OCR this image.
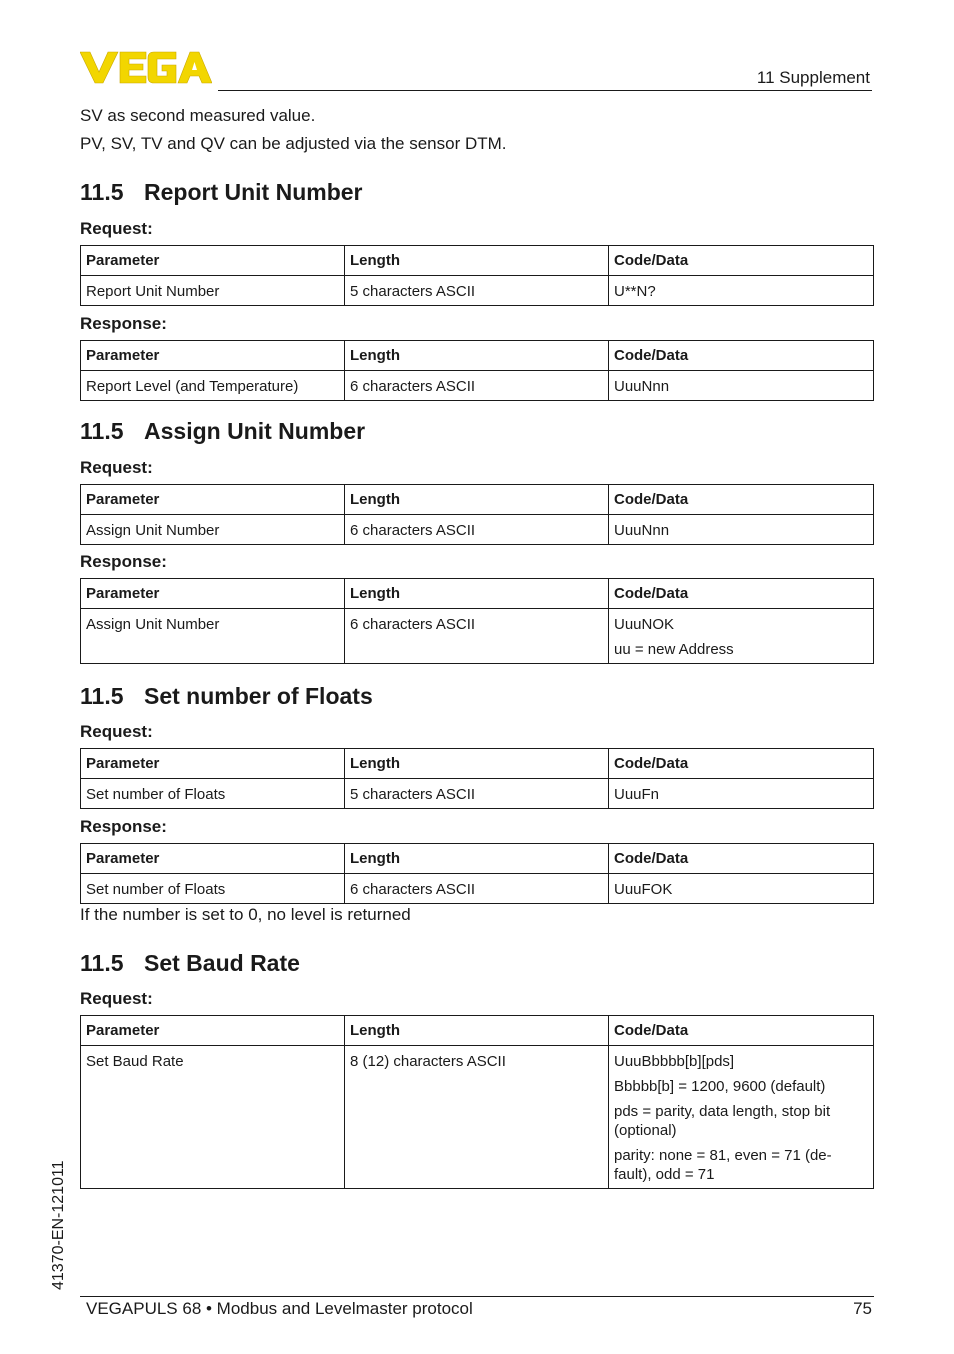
11 Supplement
SV as second measured value.
PV, SV, TV and QV can be adjusted via the sensor DTM.
11.5 Report Unit Number
Request:
Parameter	Length	Code/Data
Report Unit Number	5 characters ASCII	U**N?
Response:
Parameter	Length	Code/Data
Report Level (and Temperature)	6 characters ASCII	UuuNnn
11.5 Assign Unit Number
Request:
Parameter	Length	Code/Data
Assign Unit Number	6 characters ASCII	UuuNnn
Response:
Parameter	Length	Code/Data
Assign Unit Number	6 characters ASCII	UuuNOK
uu = new Address
11.5 Set number of Floats
Request:
Parameter	Length	Code/Data
Set number of Floats	5 characters ASCII	UuuFn
Response:
Parameter	Length	Code/Data
Set number of Floats	6 characters ASCII	UuuFOK
If the number is set to 0, no level is returned
11.5 Set Baud Rate
Request:
Parameter	Length	Code/Data
Set Baud Rate	8 (12) characters ASCII	UuuBbbbb[b][pds]
Bbbbb[b] = 1200, 9600 (default)
pds = parity, data length, stop bit (optional)
parity: none = 81, even = 71 (de-fault), odd = 71
41370-EN-121011
VEGAPULS 68 • Modbus and Levelmaster protocol	75
